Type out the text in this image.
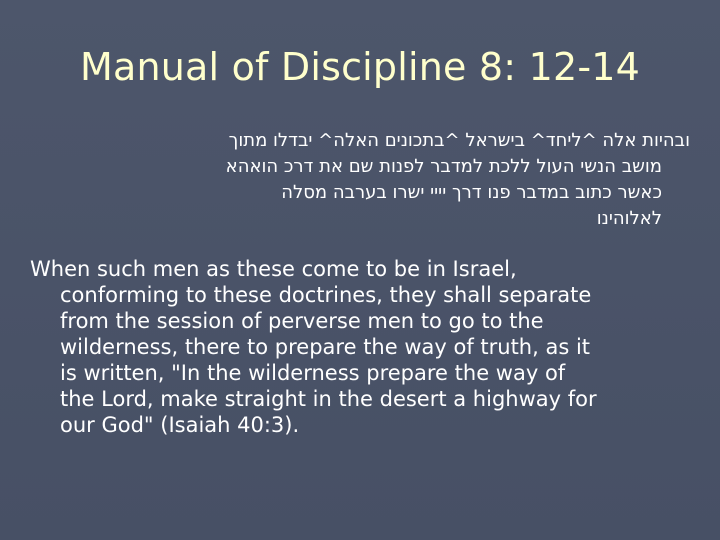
Manual of Discipline 8: 12-14
ובהיות אלה ^ליחד^ בישראל ^בתכונים האלה^ יבדלו מתוך
מושב הנשי העול ללכת למדבר לפנות שם את דרכ הואהא
כאשר כתוב במדבר פנו דרך יייי ישרו בערבה מסלה
לאלוהינו
When such men as these come to be in Israel,
conforming to these doctrines, they shall separate
from the session of perverse men to go to the
wilderness, there to prepare the way of truth, as it
is written, "In the wilderness prepare the way of
the Lord, make straight in the desert a highway for
our God" (Isaiah 40:3).
